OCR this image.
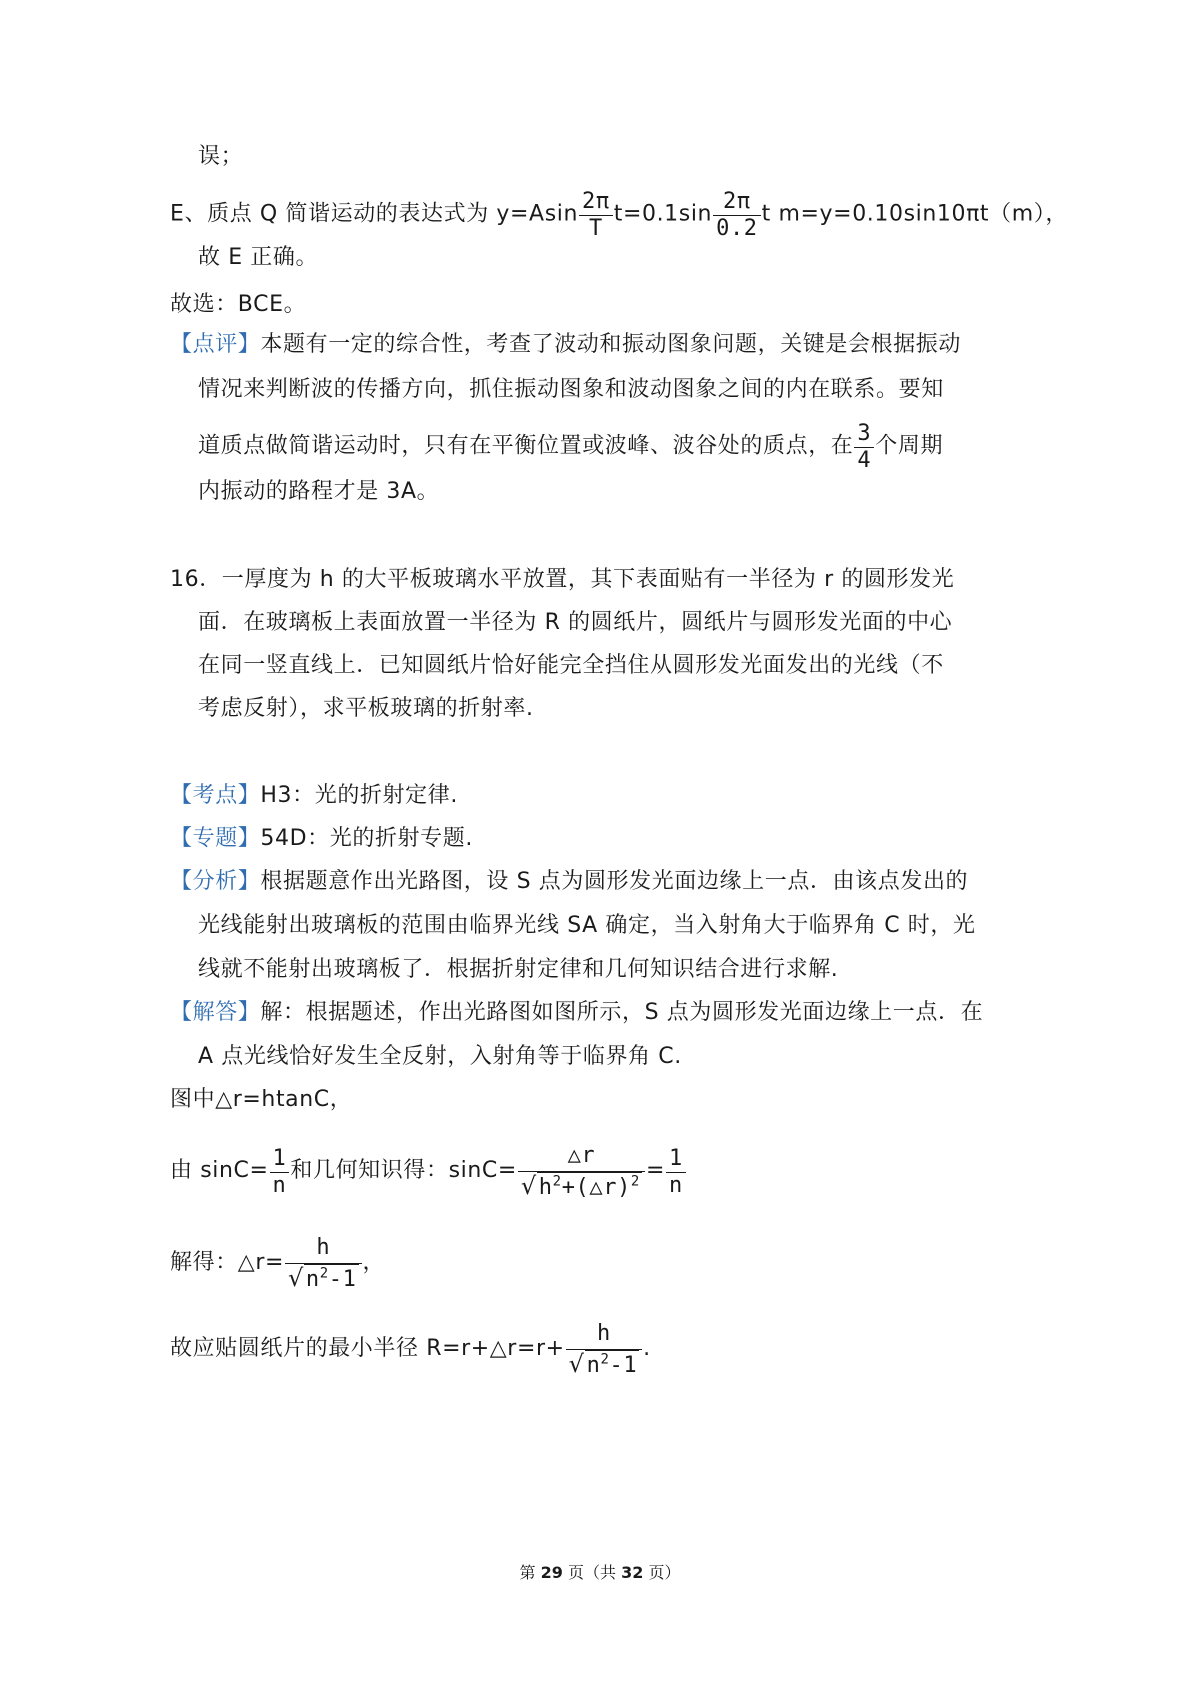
误；
E、质点 Q 简谐运动的表达式为 $y=Asin \frac{2\pi}{T} t=0.1\sin \frac{2\pi}{0.2}$ t m=y=0.10sin10πt（m），
故 E 正确。
故选：BCE。
【点评】本题有一定的综合性，考查了波动和振动图象问题，关键是会根据振动
情况来判断波的传播方向，抓住振动图象和波动图象之间的内在联系。要知
道质点做简谐运动时，只有在平衡位置或波峰、波谷处的质点，在 $\frac{3}{4}$ 个周期
内振动的路程才是 3A。
16．一厚度为 h 的大平板玻璃水平放置，其下表面贴有一半径为 r 的圆形发光
面．在玻璃板上表面放置一半径为 R 的圆纸片，圆纸片与圆形发光面的中心
在同一竖直线上．已知圆纸片恰好能完全挡住从圆形发光面发出的光线（不
考虑反射），求平板玻璃的折射率.
【考点】H3：光的折射定律.
【专题】54D：光的折射专题.
【分析】根据题意作出光路图，设 S 点为圆形发光面边缘上一点．由该点发出的
光线能射出玻璃板的范围由临界光线 SA 确定，当入射角大于临界角 C 时，光
线就不能射出玻璃板了．根据折射定律和几何知识结合进行求解.
【解答】解：根据题述，作出光路图如图所示，S 点为圆形发光面边缘上一点．在
A 点光线恰好发生全反射，入射角等于临界角 C.
图中△r=htanC，
由 $\sin C= \frac{1}{n}$ 和几何知识得：$\sin C= \frac{\triangle r}{√h^2+(\triangle r)^2} = \frac{1}{n}$
解得：△r= $\frac{h}{√n^2-1}$ ，
故应贴圆纸片的最小半径 R=r+△r=r+ $\frac{h}{√n^2-1}$ .
第 29 页（共 32 页）
